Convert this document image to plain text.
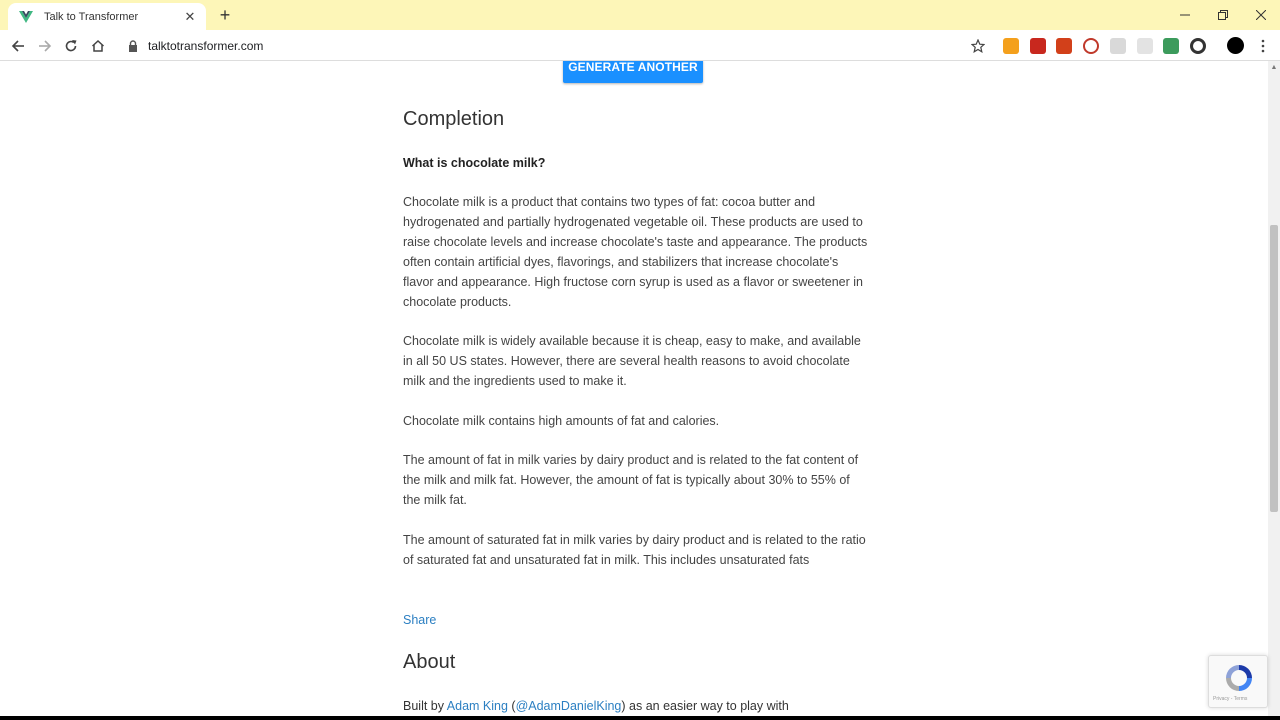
Talk to Transformer	✕	+
talktotransformer.com
GENERATE ANOTHER
Completion
What is chocolate milk?

Chocolate milk is a product that contains two types of fat: cocoa butter and hydrogenated and partially hydrogenated vegetable oil. These products are used to raise chocolate levels and increase chocolate's taste and appearance. The products often contain artificial dyes, flavorings, and stabilizers that increase chocolate's flavor and appearance. High fructose corn syrup is used as a flavor or sweetener in chocolate products.

Chocolate milk is widely available because it is cheap, easy to make, and available in all 50 US states. However, there are several health reasons to avoid chocolate milk and the ingredients used to make it.

Chocolate milk contains high amounts of fat and calories.

The amount of fat in milk varies by dairy product and is related to the fat content of the milk and milk fat. However, the amount of fat is typically about 30% to 55% of the milk fat.

The amount of saturated fat in milk varies by dairy product and is related to the ratio of saturated fat and unsaturated fat in milk. This includes unsaturated fats

Share
About
Built by Adam King (@AdamDanielKing) as an easier way to play with
▲
Privacy - Terms
